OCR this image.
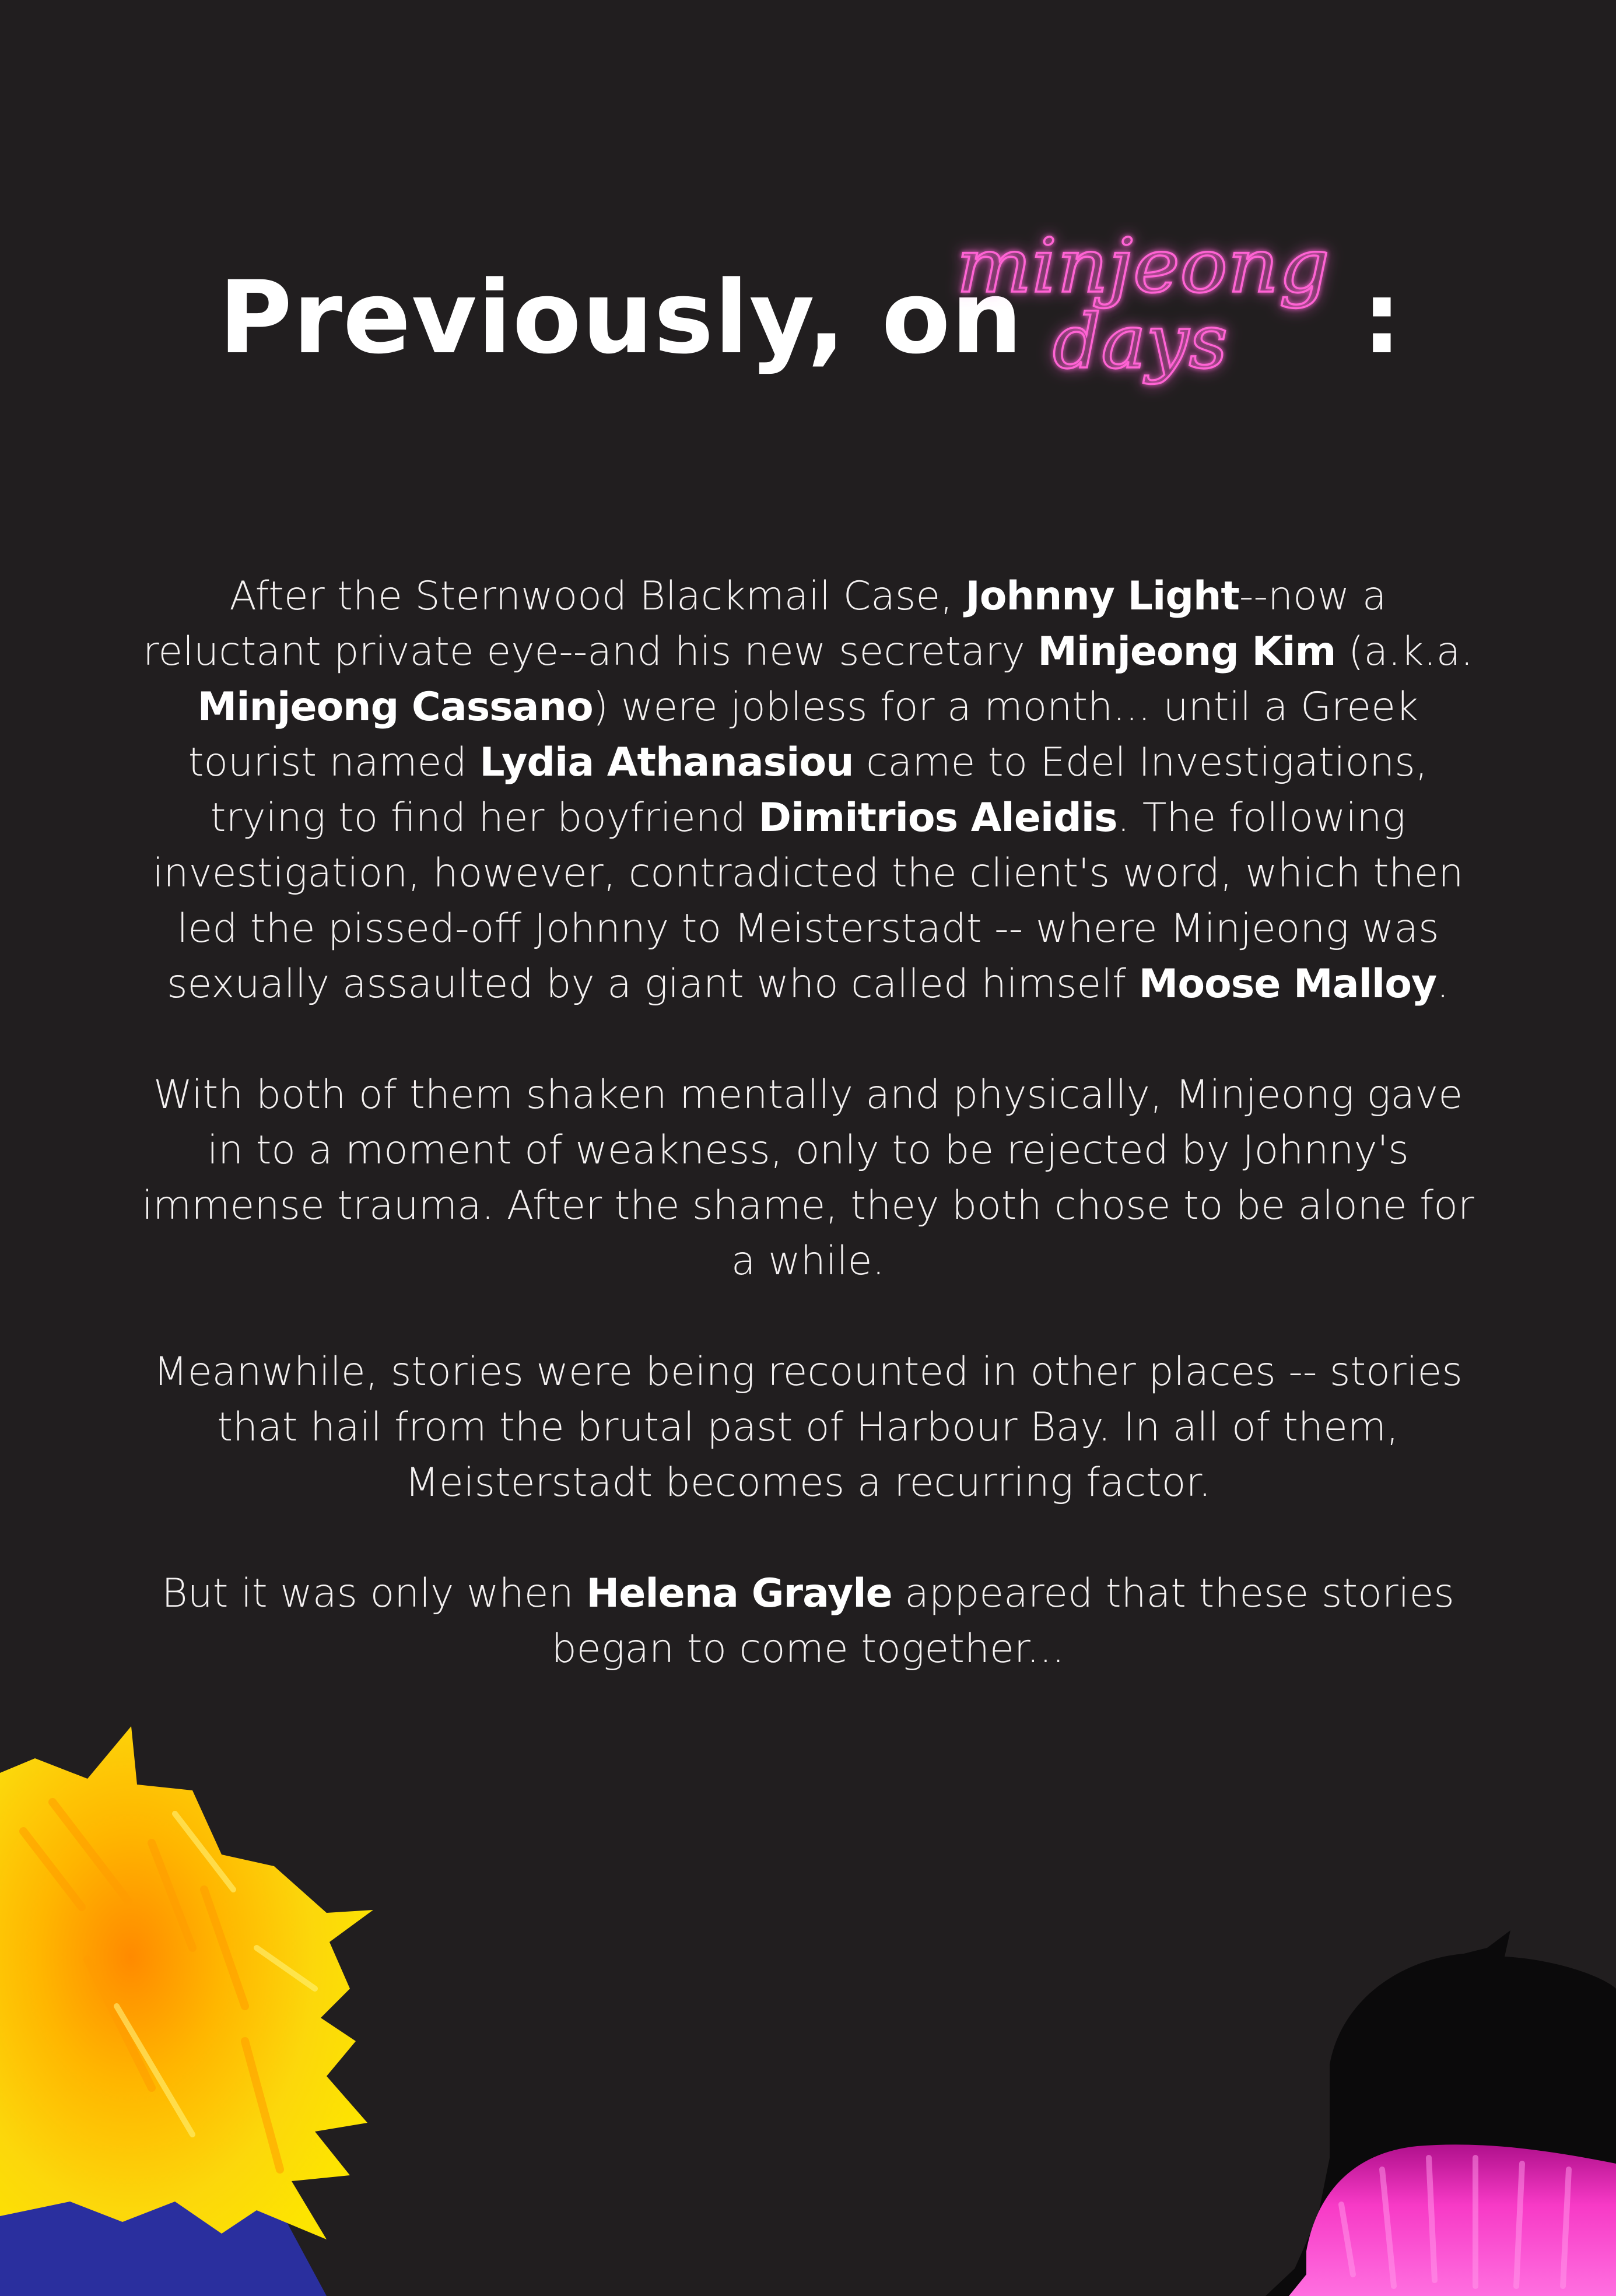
Previously, on
minjeong
days :

After the Sternwood Blackmail Case, Johnny Light--now a reluctant private eye--and his new secretary Minjeong Kim (a.k.a. Minjeong Cassano) were jobless for a month... until a Greek tourist named Lydia Athanasiou came to Edel Investigations, trying to find her boyfriend Dimitrios Aleidis. The following investigation, however, contradicted the client's word, which then led the pissed-off Johnny to Meisterstadt -- where Minjeong was sexually assaulted by a giant who called himself Moose Malloy.

With both of them shaken mentally and physically, Minjeong gave in to a moment of weakness, only to be rejected by Johnny's immense trauma. After the shame, they both chose to be alone for a while.

Meanwhile, stories were being recounted in other places -- stories that hail from the brutal past of Harbour Bay. In all of them, Meisterstadt becomes a recurring factor.

But it was only when Helena Grayle appeared that these stories began to come together...
